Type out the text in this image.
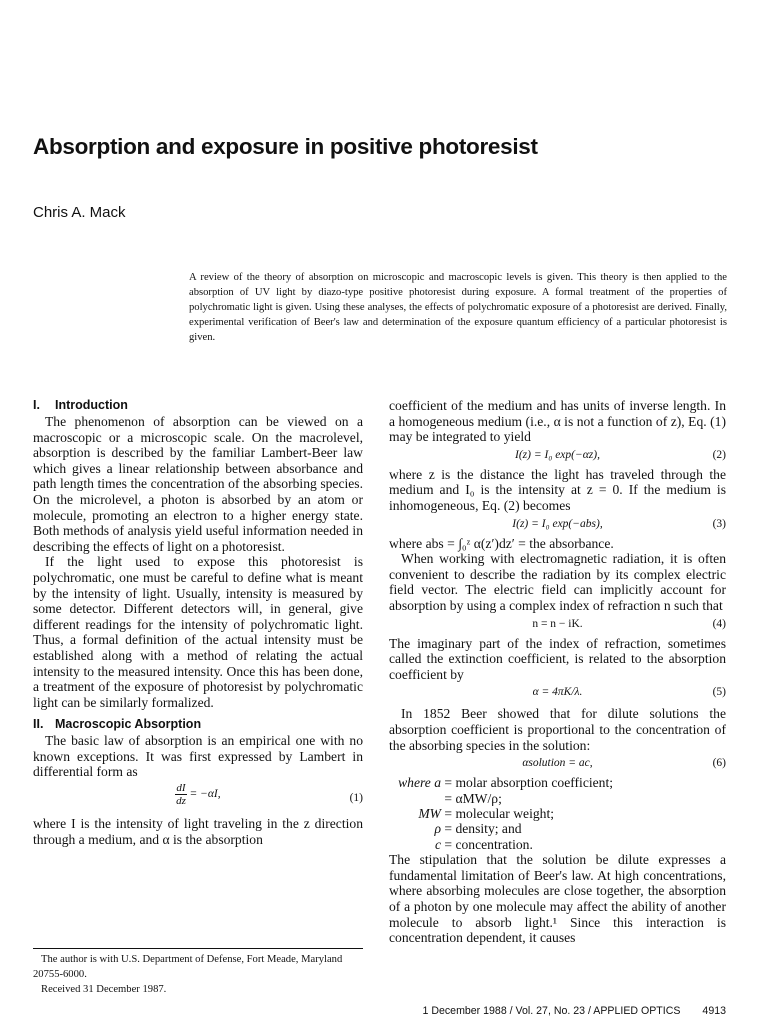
Absorption and exposure in positive photoresist
Chris A. Mack
A review of the theory of absorption on microscopic and macroscopic levels is given. This theory is then applied to the absorption of UV light by diazo-type positive photoresist during exposure. A formal treatment of the properties of polychromatic light is given. Using these analyses, the effects of polychromatic exposure of a photoresist are derived. Finally, experimental verification of Beer's law and determination of the exposure quantum efficiency of a particular photoresist is given.
I. Introduction

The phenomenon of absorption can be viewed on a macroscopic or a microscopic scale. On the macrolevel, absorption is described by the familiar Lambert-Beer law which gives a linear relationship between absorbance and path length times the concentration of the absorbing species. On the microlevel, a photon is absorbed by an atom or molecule, promoting an electron to a higher energy state. Both methods of analysis yield useful information needed in describing the effects of light on a photoresist.

If the light used to expose this photoresist is polychromatic, one must be careful to define what is meant by the intensity of light. Usually, intensity is measured by some detector. Different detectors will, in general, give different readings for the intensity of polychromatic light. Thus, a formal definition of the actual intensity must be established along with a method of relating the actual intensity to the measured intensity. Once this has been done, a treatment of the exposure of photoresist by polychromatic light can be similarly formalized.

II. Macroscopic Absorption

The basic law of absorption is an empirical one with no known exceptions. It was first expressed by Lambert in differential form as

$\frac{dI}{dz} = -\alpha I$,	(1)

where I is the intensity of light traveling in the z direction through a medium, and α is the absorption

coefficient of the medium and has units of inverse length. In a homogeneous medium (i.e., α is not a function of z), Eq. (1) may be integrated to yield

I(z) = I₀ exp(−αz),	(2)

where z is the distance the light has traveled through the medium and I₀ is the intensity at z = 0. If the medium is inhomogeneous, Eq. (2) becomes

I(z) = I₀ exp(−abs),	(3)

where abs = ∫₀ᶻ α(z′)dz′ = the absorbance.

When working with electromagnetic radiation, it is often convenient to describe the radiation by its complex electric field vector. The electric field can implicitly account for absorption by using a complex index of refraction n such that

n = n − iK.	(4)

The imaginary part of the index of refraction, sometimes called the extinction coefficient, is related to the absorption coefficient by

α = 4πK/λ.	(5)

In 1852 Beer showed that for dilute solutions the absorption coefficient is proportional to the concentration of the absorbing species in the solution:

αsolution = ac,	(6)
where a = molar absorption coefficient;
= αMW/ρ;
MW = molecular weight;
ρ = density; and
c = concentration.

The stipulation that the solution be dilute expresses a fundamental limitation of Beer's law. At high concentrations, where absorbing molecules are close together, the absorption of a photon by one molecule may affect the ability of another molecule to absorb light.¹ Since this interaction is concentration dependent, it causes

The author is with U.S. Department of Defense, Fort Meade, Maryland 20755-6000.
Received 31 December 1987.
1 December 1988 / Vol. 27, No. 23 / APPLIED OPTICS 4913
